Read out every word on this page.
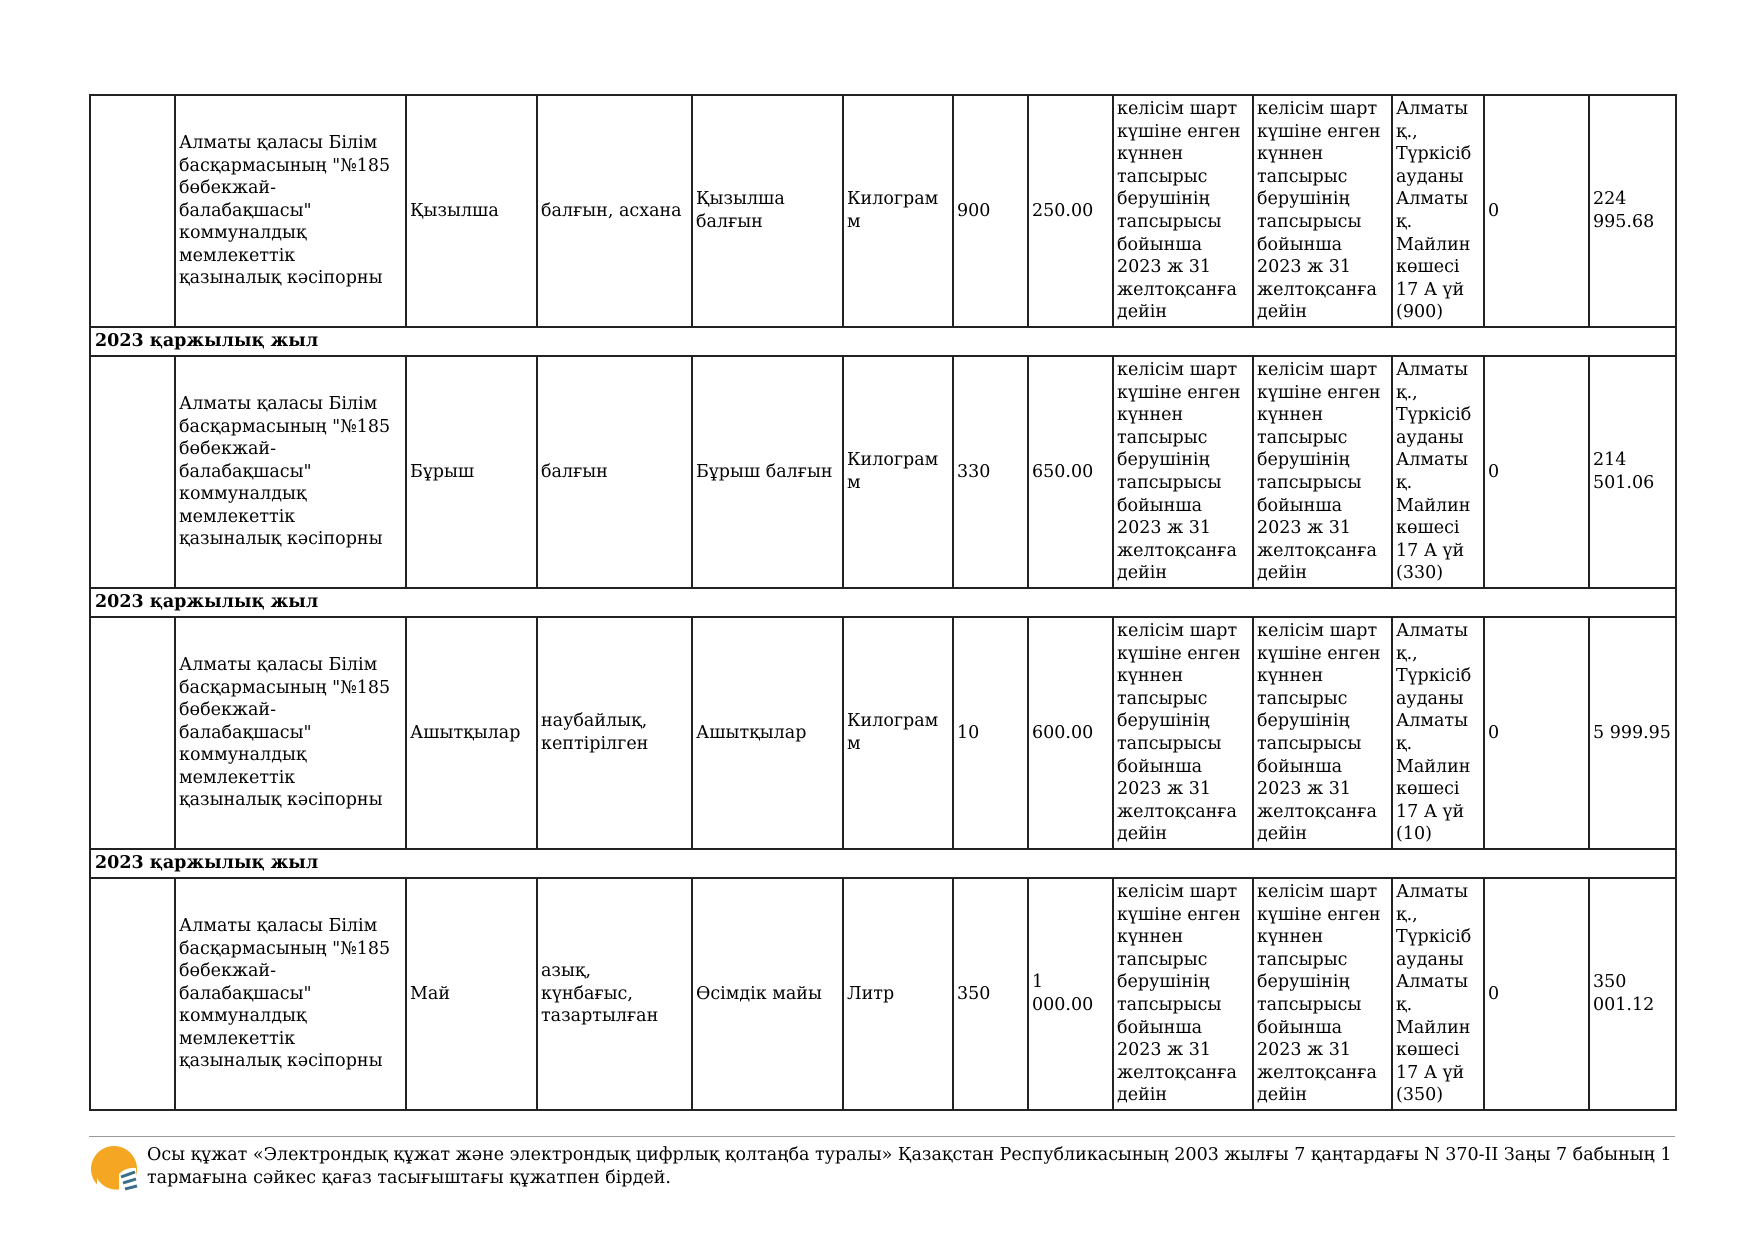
	Алматы қаласы Білім басқармасының "№185 бөбекжай-балабақшасы" коммуналдық мемлекеттік қазыналық кәсіпорны	Қызылша	балғын, асхана	Қызылша балғын	Килограмм	900	250.00	келісім шарт күшіне енген күннен тапсырыс берушінің тапсырысы бойынша 2023 ж 31 желтоқсанға дейін	келісім шарт күшіне енген күннен тапсырыс берушінің тапсырысы бойынша 2023 ж 31 желтоқсанға дейін	Алматы қ., Түркісіб ауданы Алматы қ. Майлин көшесі 17 А үй (900)	0	224 995.68
2023 қаржылық жыл												
	Алматы қаласы Білім басқармасының "№185 бөбекжай-балабақшасы" коммуналдық мемлекеттік қазыналық кәсіпорны	Бұрыш	балғын	Бұрыш балғын	Килограмм	330	650.00	келісім шарт күшіне енген күннен тапсырыс берушінің тапсырысы бойынша 2023 ж 31 желтоқсанға дейін	келісім шарт күшіне енген күннен тапсырыс берушінің тапсырысы бойынша 2023 ж 31 желтоқсанға дейін	Алматы қ., Түркісіб ауданы Алматы қ. Майлин көшесі 17 А үй (330)	0	214 501.06
2023 қаржылық жыл												
	Алматы қаласы Білім басқармасының "№185 бөбекжай-балабақшасы" коммуналдық мемлекеттік қазыналық кәсіпорны	Ашытқылар	наубайлық, кептірілген	Ашытқылар	Килограмм	10	600.00	келісім шарт күшіне енген күннен тапсырыс берушінің тапсырысы бойынша 2023 ж 31 желтоқсанға дейін	келісім шарт күшіне енген күннен тапсырыс берушінің тапсырысы бойынша 2023 ж 31 желтоқсанға дейін	Алматы қ., Түркісіб ауданы Алматы қ. Майлин көшесі 17 А үй (10)	0	5 999.95
2023 қаржылық жыл												
	Алматы қаласы Білім басқармасының "№185 бөбекжай-балабақшасы" коммуналдық мемлекеттік қазыналық кәсіпорны	Май	азық, күнбағыс, тазартылған	Өсімдік майы	Литр	350	1 000.00	келісім шарт күшіне енген күннен тапсырыс берушінің тапсырысы бойынша 2023 ж 31 желтоқсанға дейін	келісім шарт күшіне енген күннен тапсырыс берушінің тапсырысы бойынша 2023 ж 31 желтоқсанға дейін	Алматы қ., Түркісіб ауданы Алматы қ. Майлин көшесі 17 А үй (350)	0	350 001.12
Осы құжат «Электрондық құжат және электрондық цифрлық қолтаңба туралы» Қазақстан Республикасының 2003 жылғы 7 қаңтардағы N 370-II Заңы 7 бабының 1 тармағына сәйкес қағаз тасығыштағы құжатпен бірдей.
